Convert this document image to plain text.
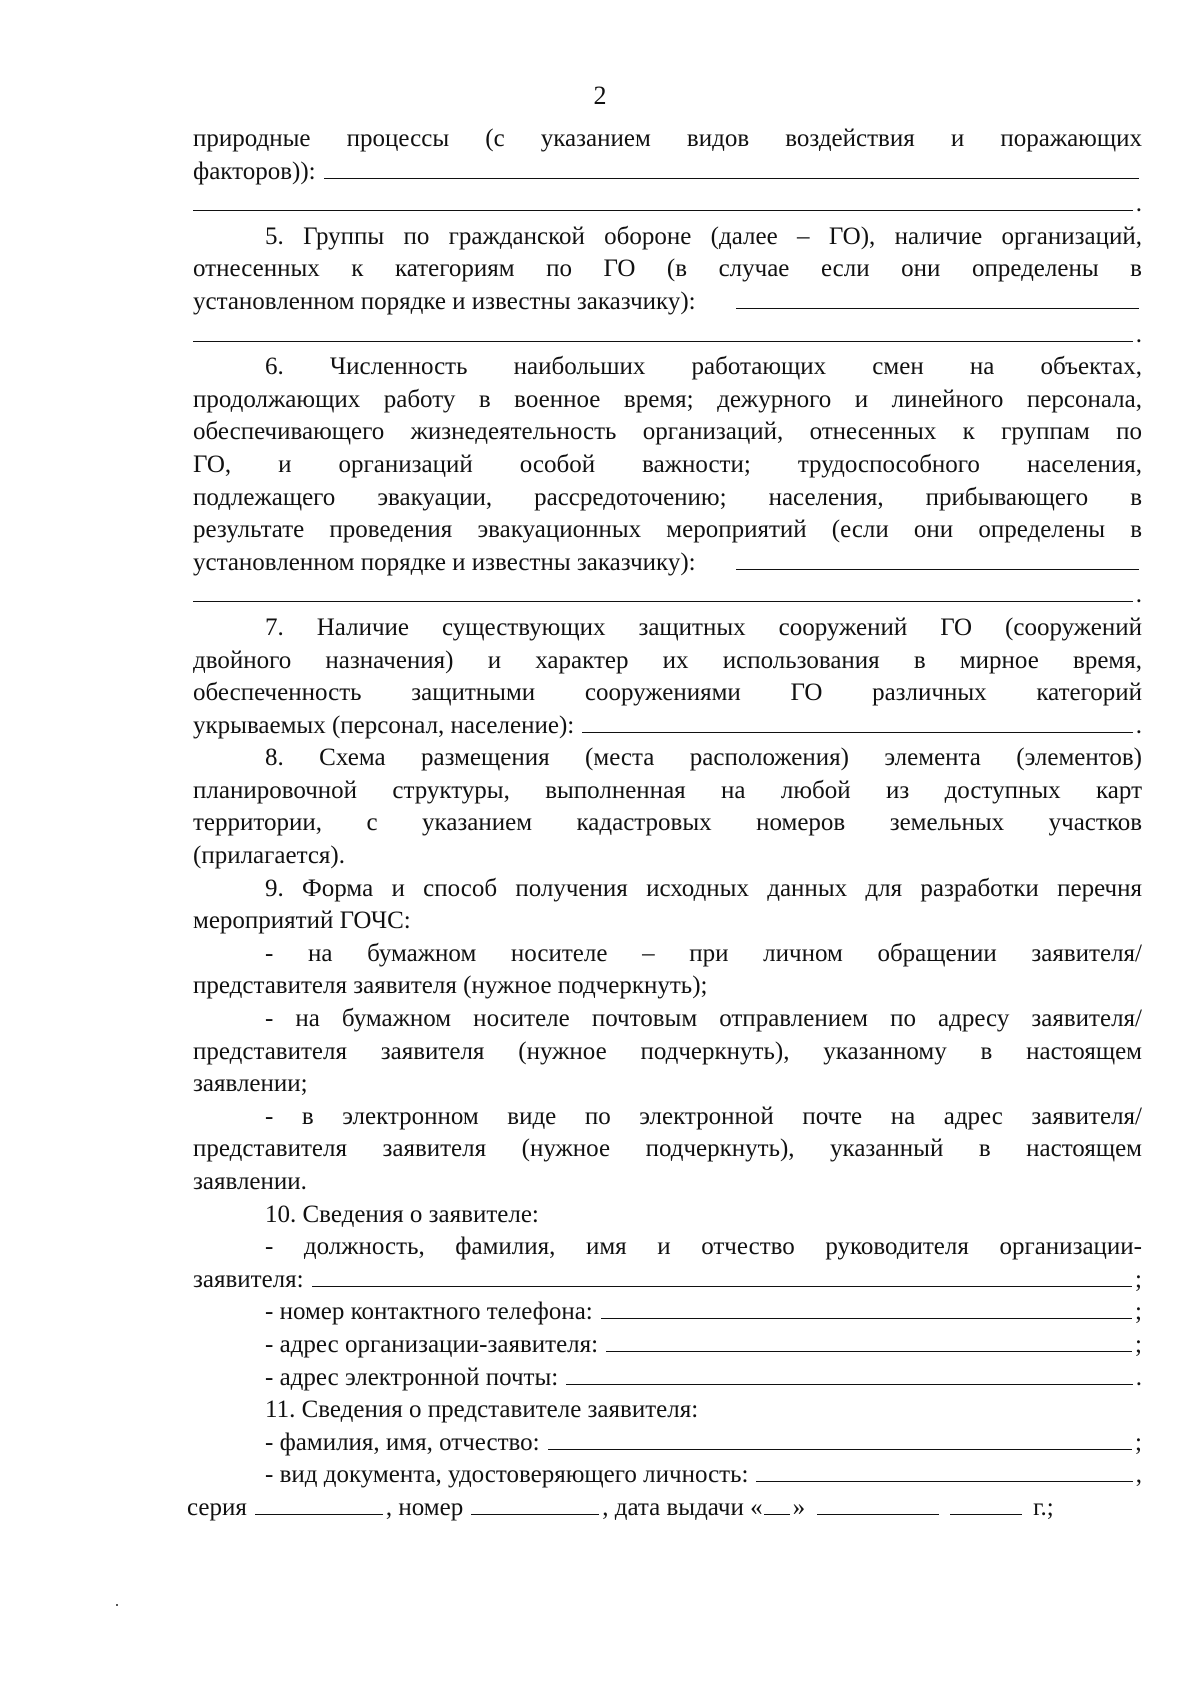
2
природные процессы (с указанием видов воздействия и поражающих
факторов)):
.
5. Группы по гражданской обороне (далее – ГО), наличие организаций,
отнесенных к категориям по ГО (в случае если они определены в
установленном порядке и известны заказчику):
.
6. Численность наибольших работающих смен на объектах,
продолжающих работу в военное время; дежурного и линейного персонала,
обеспечивающего жизнедеятельность организаций, отнесенных к группам по
ГО, и организаций особой важности; трудоспособного населения,
подлежащего эвакуации, рассредоточению; населения, прибывающего в
результате проведения эвакуационных мероприятий (если они определены в
установленном порядке и известны заказчику):
.
7. Наличие существующих защитных сооружений ГО (сооружений
двойного назначения) и характер их использования в мирное время,
обеспеченность защитными сооружениями ГО различных категорий
укрываемых (персонал, население):	.
8. Схема размещения (места расположения) элемента (элементов)
планировочной структуры, выполненная на любой из доступных карт
территории, с указанием кадастровых номеров земельных участков
(прилагается).
9. Форма и способ получения исходных данных для разработки перечня
мероприятий ГОЧС:
- на бумажном носителе – при личном обращении заявителя/
представителя заявителя (нужное подчеркнуть);
- на бумажном носителе почтовым отправлением по адресу заявителя/
представителя заявителя (нужное подчеркнуть), указанному в настоящем
заявлении;
- в электронном виде по электронной почте на адрес заявителя/
представителя заявителя (нужное подчеркнуть), указанный в настоящем
заявлении.
10. Сведения о заявителе:
- должность, фамилия, имя и отчество руководителя организации-
заявителя:	;
- номер контактного телефона:	;
- адрес организации-заявителя:	;
- адрес электронной почты:	.
11. Сведения о представителе заявителя:
- фамилия, имя, отчество:	;
- вид документа, удостоверяющего личность:	,
серия	, номер	, дата выдачи « »	г.;
